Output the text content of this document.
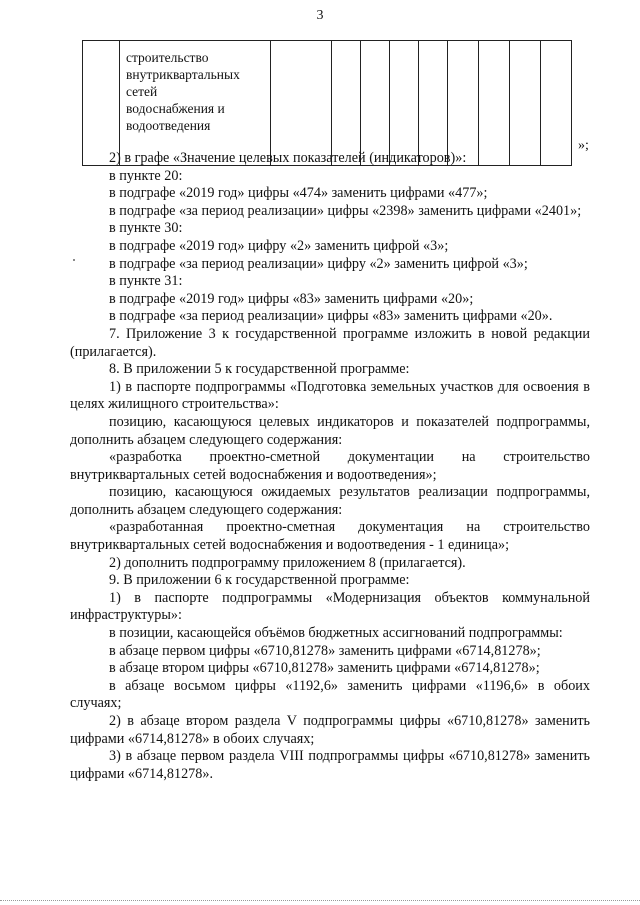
3
	строительство
внутриквартальных
сетей
водоснабжения и
водоотведения									
»;

2) в графе «Значение целевых показателей (индикаторов)»:

в пункте 20:

в подграфе «2019 год» цифры «474» заменить цифрами «477»;

в подграфе «за период реализации» цифры «2398» заменить цифрами «2401»;

в пункте 30:

в подграфе «2019 год» цифру «2» заменить цифрой «3»;

в подграфе «за период реализации» цифру «2» заменить цифрой «3»;

в пункте 31:

в подграфе «2019 год» цифры «83» заменить цифрами «20»;

в подграфе «за период реализации» цифры «83» заменить цифрами «20».

7. Приложение 3 к государственной программе изложить в новой редакции (прилагается).

8. В приложении 5 к государственной программе:

1) в паспорте подпрограммы «Подготовка земельных участков для освоения в целях жилищного строительства»:

позицию, касающуюся целевых индикаторов и показателей подпрограммы, дополнить абзацем следующего содержания:

«разработка проектно-сметной документации на строительство внутриквартальных сетей водоснабжения и водоотведения»;

позицию, касающуюся ожидаемых результатов реализации подпрограммы, дополнить абзацем следующего содержания:

«разработанная проектно-сметная документация на строительство внутриквартальных сетей водоснабжения и водоотведения - 1 единица»;

2) дополнить подпрограмму приложением 8 (прилагается).

9. В приложении 6 к государственной программе:

1) в паспорте подпрограммы «Модернизация объектов коммунальной инфраструктуры»:

в позиции, касающейся объёмов бюджетных ассигнований подпрограммы:

в абзаце первом цифры «6710,81278» заменить цифрами «6714,81278»;

в абзаце втором цифры «6710,81278» заменить цифрами «6714,81278»;

в абзаце восьмом цифры «1192,6» заменить цифрами «1196,6» в обоих случаях;

2) в абзаце втором раздела V подпрограммы цифры «6710,81278» заменить цифрами «6714,81278» в обоих случаях;

3) в абзаце первом раздела VIII подпрограммы цифры «6710,81278» заменить цифрами «6714,81278».
